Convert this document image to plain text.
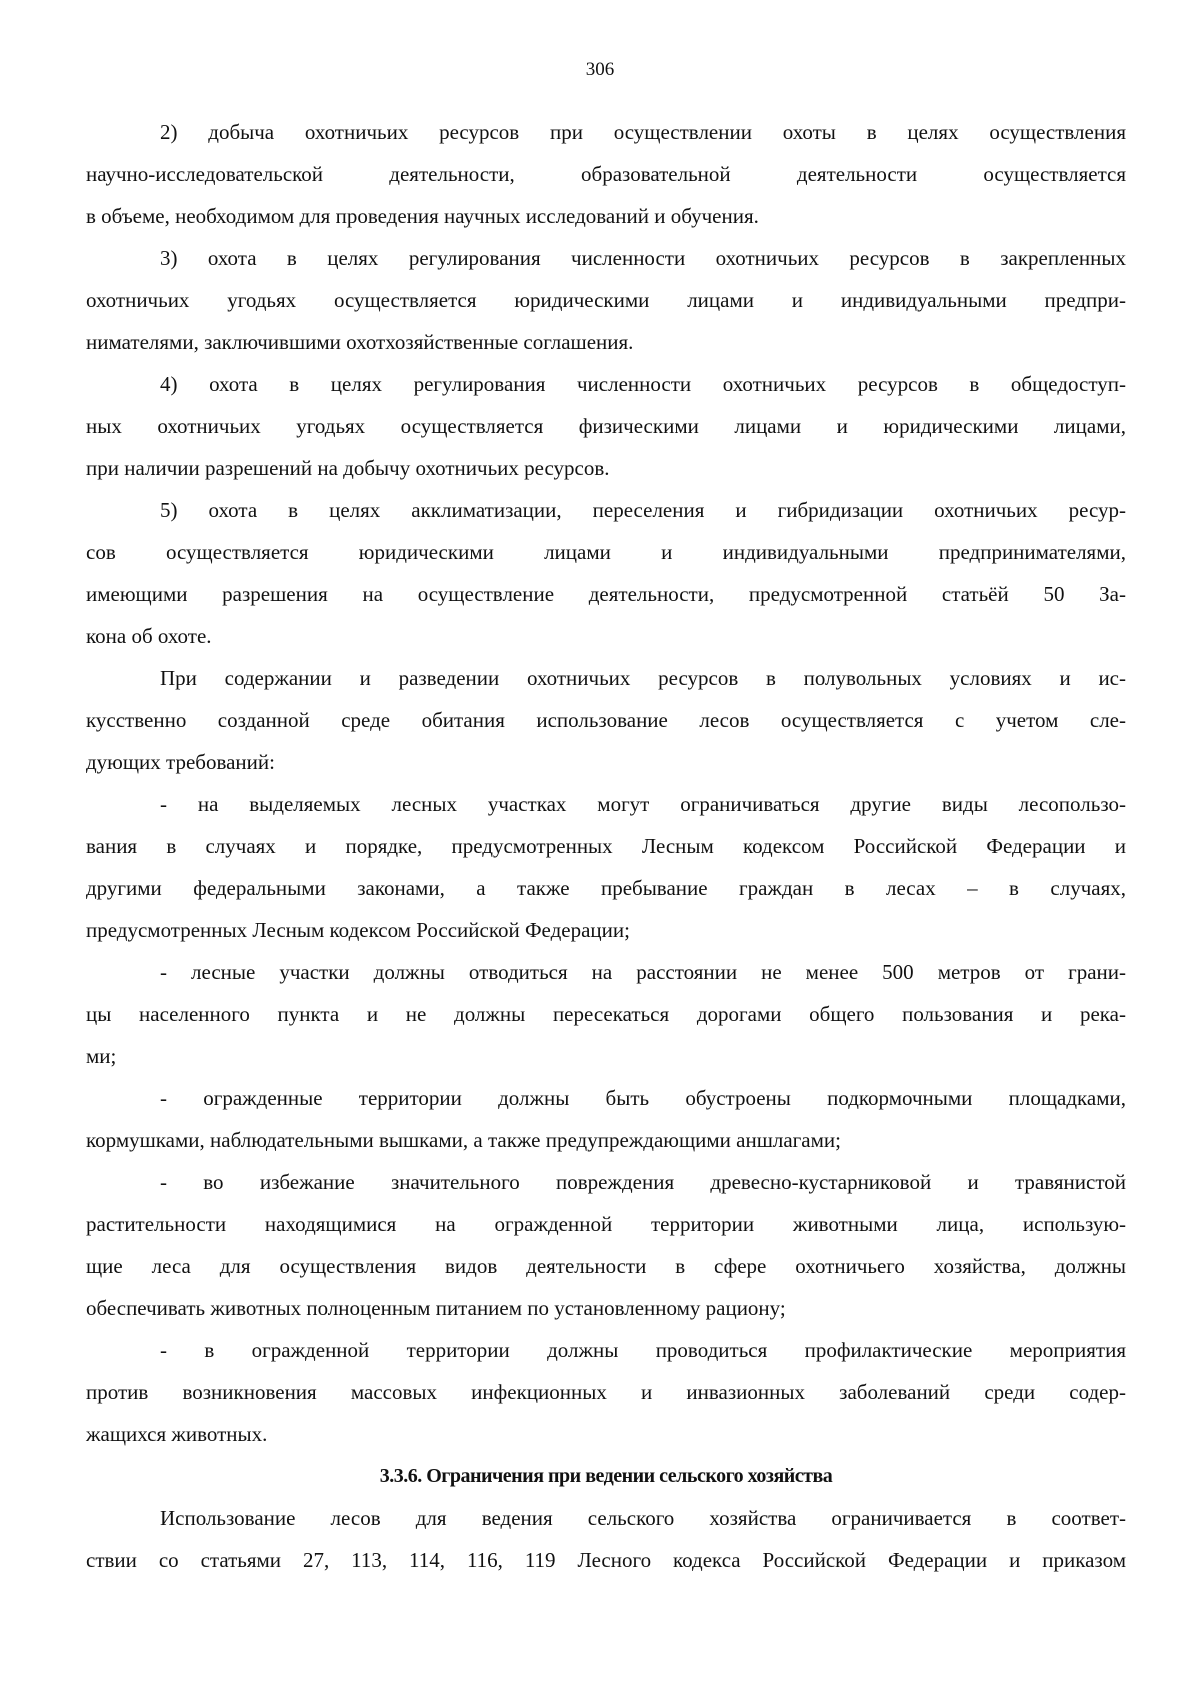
306
2) добыча охотничьих ресурсов при осуществлении охоты в целях осуществления
научно-исследовательской деятельности, образовательной деятельности осуществляется
в объеме, необходимом для проведения научных исследований и обучения.
3) охота в целях регулирования численности охотничьих ресурсов в закрепленных
охотничьих угодьях осуществляется юридическими лицами и индивидуальными предпри-
нимателями, заключившими охотхозяйственные соглашения.
4) охота в целях регулирования численности охотничьих ресурсов в общедоступ-
ных охотничьих угодьях осуществляется физическими лицами и юридическими лицами,
при наличии разрешений на добычу охотничьих ресурсов.
5) охота в целях акклиматизации, переселения и гибридизации охотничьих ресур-
сов осуществляется юридическими лицами и индивидуальными предпринимателями,
имеющими разрешения на осуществление деятельности, предусмотренной статьёй 50 За-
кона об охоте.
При содержании и разведении охотничьих ресурсов в полувольных условиях и ис-
кусственно созданной среде обитания использование лесов осуществляется с учетом сле-
дующих требований:
- на выделяемых лесных участках могут ограничиваться другие виды лесопользо-
вания в случаях и порядке, предусмотренных Лесным кодексом Российской Федерации и
другими федеральными законами, а также пребывание граждан в лесах – в случаях,
предусмотренных Лесным кодексом Российской Федерации;
- лесные участки должны отводиться на расстоянии не менее 500 метров от грани-
цы населенного пункта и не должны пересекаться дорогами общего пользования и река-
ми;
- огражденные территории должны быть обустроены подкормочными площадками,
кормушками, наблюдательными вышками, а также предупреждающими аншлагами;
- во избежание значительного повреждения древесно-кустарниковой и травянистой
растительности находящимися на огражденной территории животными лица, использую-
щие леса для осуществления видов деятельности в сфере охотничьего хозяйства, должны
обеспечивать животных полноценным питанием по установленному рациону;
- в огражденной территории должны проводиться профилактические мероприятия
против возникновения массовых инфекционных и инвазионных заболеваний среди содер-
жащихся животных.
3.3.6. Ограничения при ведении сельского хозяйства
Использование лесов для ведения сельского хозяйства ограничивается в соответ-
ствии со статьями 27, 113, 114, 116, 119 Лесного кодекса Российской Федерации и приказом
